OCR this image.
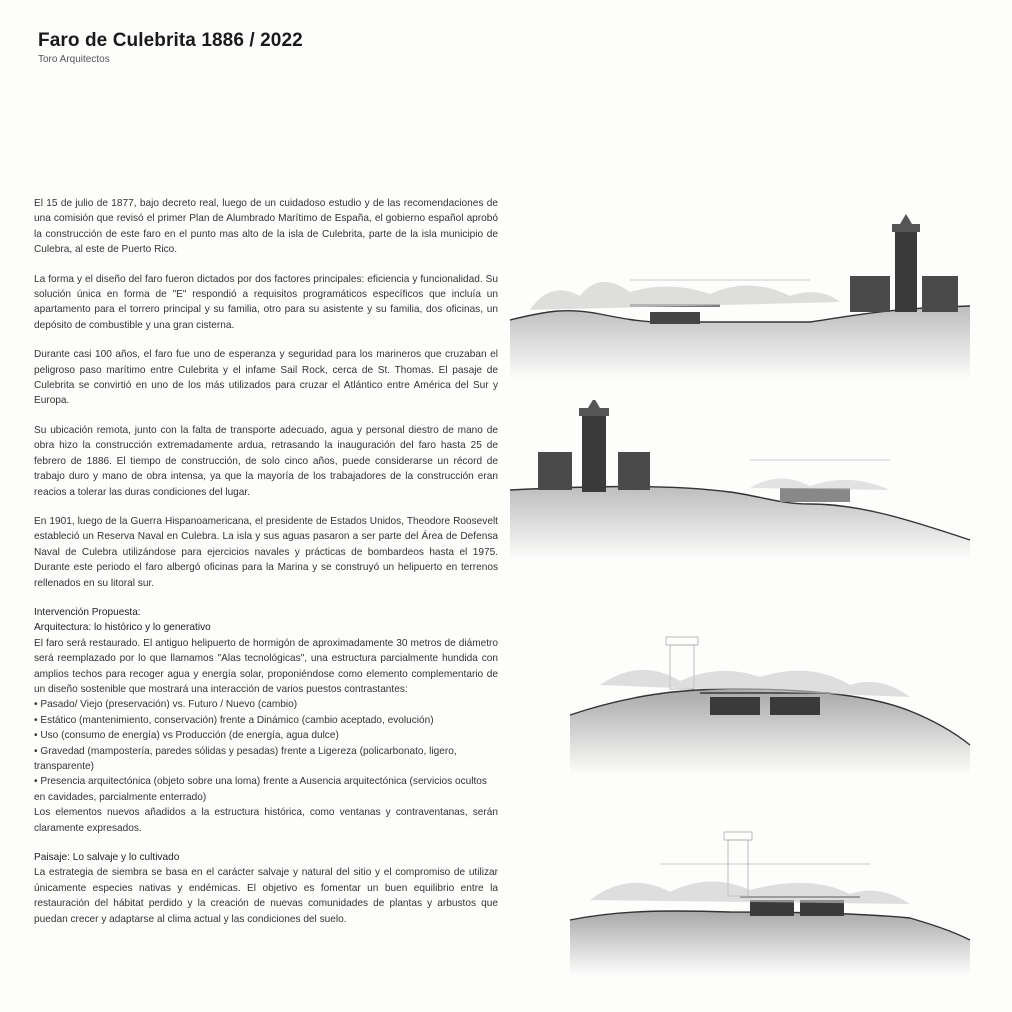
Faro de Culebrita 1886 / 2022
Toro Arquitectos

El 15 de julio de 1877, bajo decreto real, luego de un cuidadoso estudio y de las recomendaciones de una comisión que revisó el primer Plan de Alumbrado Marítimo de España, el gobierno español aprobó la construcción de este faro en el punto mas alto de la isla de Culebrita, parte de la isla municipio de Culebra, al este de Puerto Rico.

La forma y el diseño del faro fueron dictados por dos factores principales: eficiencia y funcionalidad. Su solución única en forma de "E" respondió a requisitos programáticos específicos que incluía un apartamento para el torrero principal y su familia, otro para su asistente y su familia, dos oficinas, un depósito de combustible y una gran cisterna.

Durante casi 100 años, el faro fue uno de esperanza y seguridad para los marineros que cruzaban el peligroso paso marítimo entre Culebrita y el infame Sail Rock, cerca de St. Thomas. El pasaje de Culebrita se convirtió en uno de los más utilizados para cruzar el Atlántico entre América del Sur y Europa.

Su ubicación remota, junto con la falta de transporte adecuado, agua y personal diestro de mano de obra hizo la construcción extremadamente ardua, retrasando la inauguración del faro hasta 25 de febrero de 1886. El tiempo de construcción, de solo cinco años, puede considerarse un récord de trabajo duro y mano de obra intensa, ya que la mayoría de los trabajadores de la construcción eran reacios a tolerar las duras condiciones del lugar.

En 1901, luego de la Guerra Hispanoamericana, el presidente de Estados Unidos, Theodore Roosevelt estableció un Reserva Naval en Culebra. La isla y sus aguas pasaron a ser parte del Área de Defensa Naval de Culebra utilizándose para ejercicios navales y prácticas de bombardeos hasta el 1975. Durante este periodo el faro albergó oficinas para la Marina y se construyó un helipuerto en terrenos rellenados en su litoral sur.

Intervención Propuesta:
Arquitectura: lo histórico y lo generativo

El faro será restaurado. El antiguo helipuerto de hormigón de aproximadamente 30 metros de diámetro será reemplazado por lo que llamamos "Alas tecnológicas", una estructura parcialmente hundida con amplios techos para recoger agua y energía solar, proponiéndose como elemento complementario de un diseño sostenible que mostrará una interacción de varios puestos contrastantes:

• Pasado/ Viejo (preservación) vs. Futuro / Nuevo (cambio)
• Estático (mantenimiento, conservación) frente a Dinámico (cambio aceptado, evolución)
• Uso (consumo de energía) vs Producción (de energía, agua dulce)
• Gravedad (mampostería, paredes sólidas y pesadas) frente a Ligereza (policarbonato, ligero, transparente)
• Presencia arquitectónica (objeto sobre una loma) frente a Ausencia arquitectónica (servicios ocultos en cavidades, parcialmente enterrado)

Los elementos nuevos añadidos a la estructura histórica, como ventanas y contraventanas, serán claramente expresados.

Paisaje: Lo salvaje y lo cultivado

La estrategia de siembra se basa en el carácter salvaje y natural del sitio y el compromiso de utilizar únicamente especies nativas y endémicas. El objetivo es fomentar un buen equilibrio entre la restauración del hábitat perdido y la creación de nuevas comunidades de plantas y arbustos que puedan crecer y adaptarse al clima actual y las condiciones del suelo.
